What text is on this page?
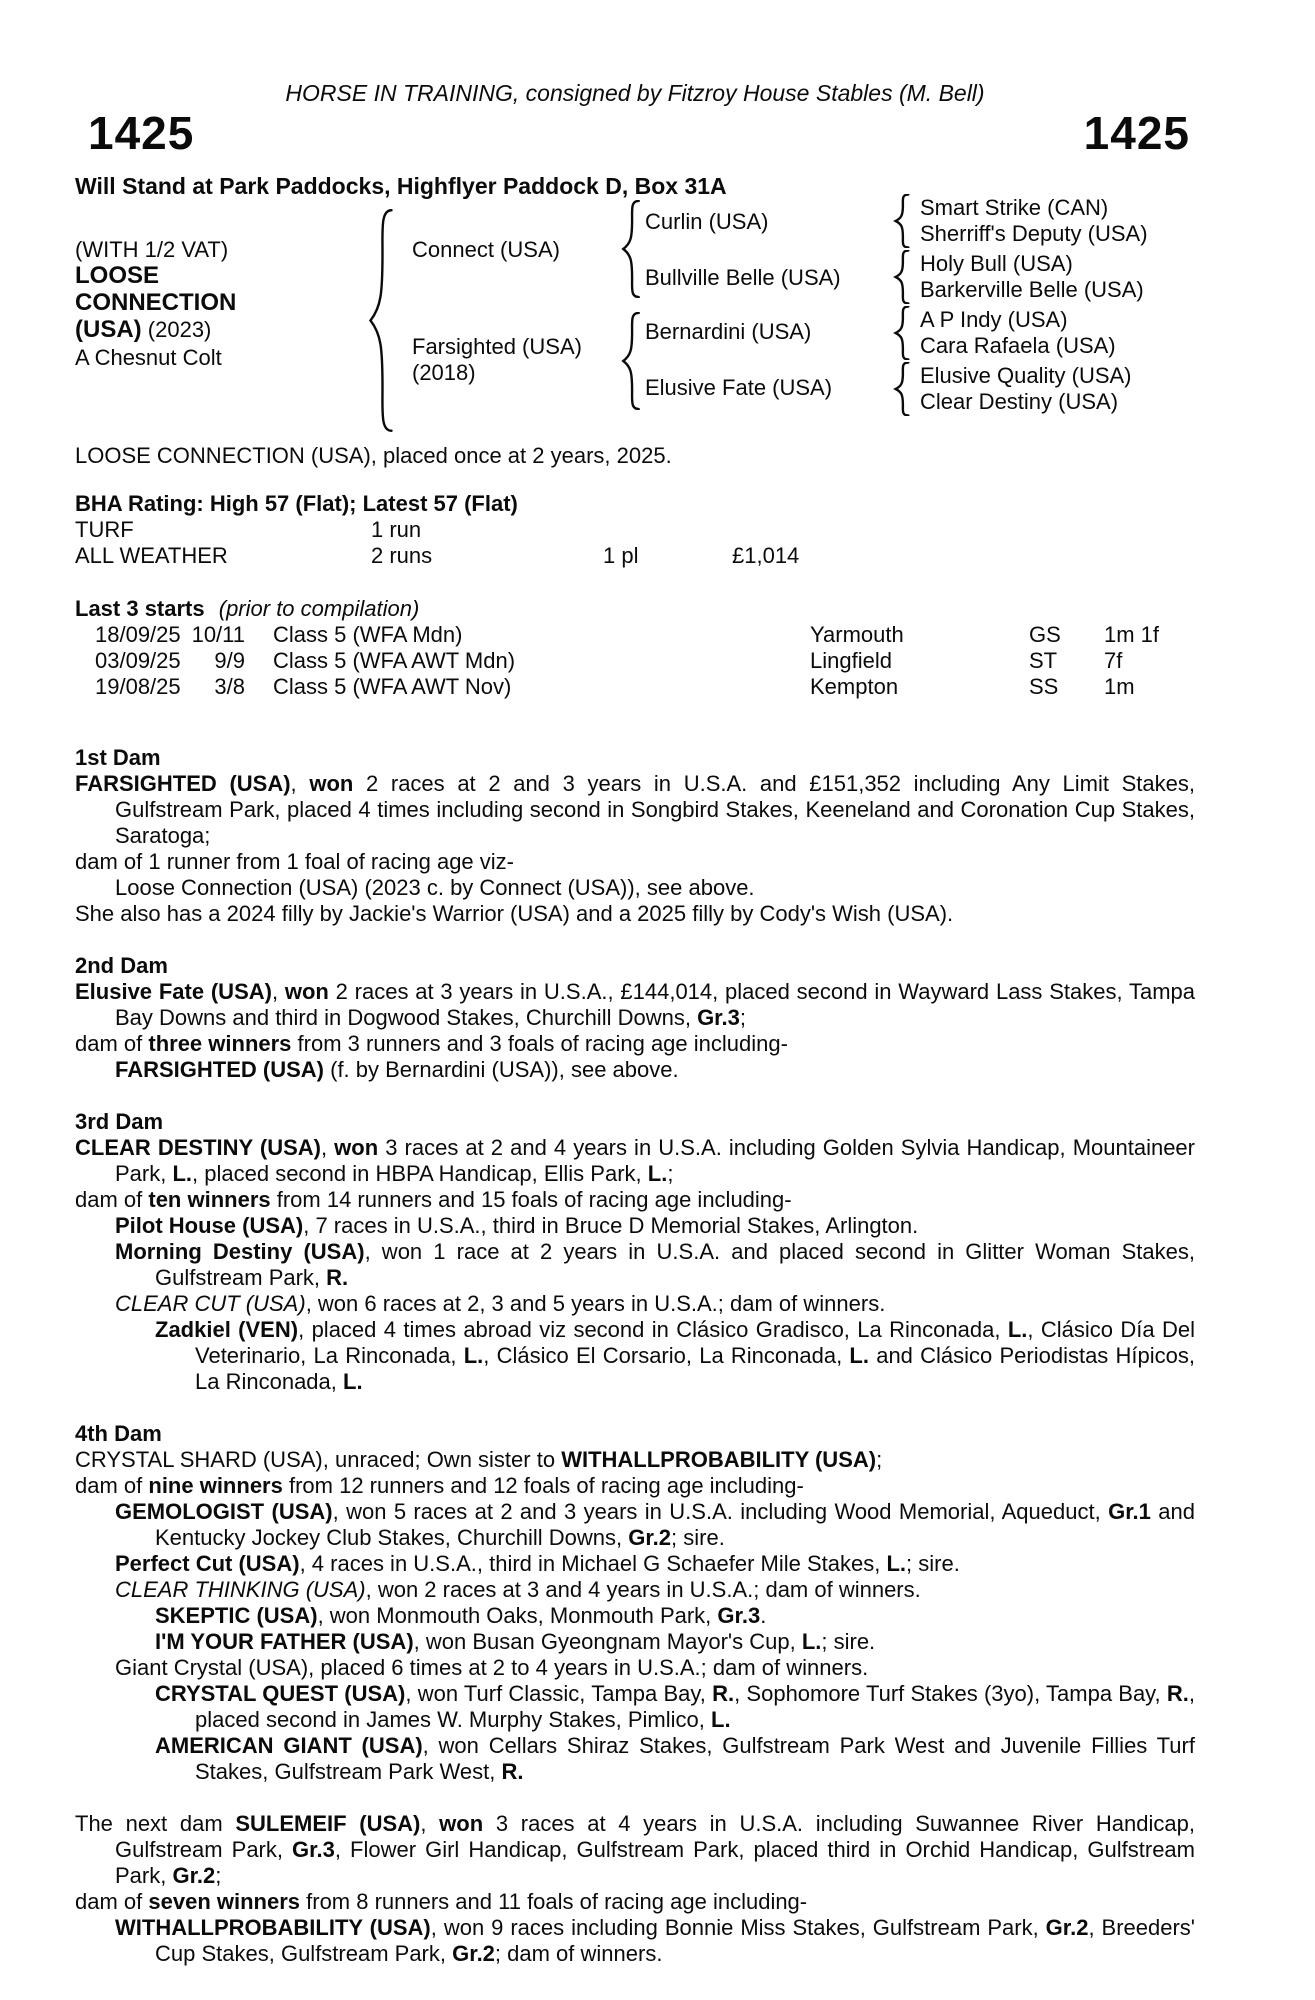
HORSE IN TRAINING, consigned by Fitzroy House Stables (M. Bell)
1425	1425
Will Stand at Park Paddocks, Highflyer Paddock D, Box 31A
(WITH 1/2 VAT)
LOOSE
CONNECTION
(USA) (2023)
A Chesnut Colt
Connect (USA)
Farsighted (USA)
(2018)
Curlin (USA)
Bullville Belle (USA)
Bernardini (USA)
Elusive Fate (USA)
Smart Strike (CAN)
Sherriff's Deputy (USA)
Holy Bull (USA)
Barkerville Belle (USA)
A P Indy (USA)
Cara Rafaela (USA)
Elusive Quality (USA)
Clear Destiny (USA)

LOOSE CONNECTION (USA), placed once at 2 years, 2025.

BHA Rating: High 57 (Flat); Latest 57 (Flat)
TURF	1 run
ALL WEATHER	2 runs	1 pl	£1,014
Last 3 starts (prior to compilation)
18/09/25 10/11 Class 5 (WFA Mdn)	Yarmouth	GS 1m 1f
03/09/25	9/9 Class 5 (WFA AWT Mdn)	Lingfield	ST 7f
19/08/25	3/8 Class 5 (WFA AWT Nov)	Kempton	SS 1m
1st Dam

FARSIGHTED (USA), won 2 races at 2 and 3 years in U.S.A. and £151,352 including Any Limit Stakes, Gulfstream Park, placed 4 times including second in Songbird Stakes, Keeneland and Coronation Cup Stakes, Saratoga;

dam of 1 runner from 1 foal of racing age viz-

Loose Connection (USA) (2023 c. by Connect (USA)), see above.

She also has a 2024 filly by Jackie's Warrior (USA) and a 2025 filly by Cody's Wish (USA).

2nd Dam

Elusive Fate (USA), won 2 races at 3 years in U.S.A., £144,014, placed second in Wayward Lass Stakes, Tampa Bay Downs and third in Dogwood Stakes, Churchill Downs, Gr.3;

dam of three winners from 3 runners and 3 foals of racing age including-

FARSIGHTED (USA) (f. by Bernardini (USA)), see above.

3rd Dam

CLEAR DESTINY (USA), won 3 races at 2 and 4 years in U.S.A. including Golden Sylvia Handicap, Mountaineer Park, L., placed second in HBPA Handicap, Ellis Park, L.;

dam of ten winners from 14 runners and 15 foals of racing age including-

Pilot House (USA), 7 races in U.S.A., third in Bruce D Memorial Stakes, Arlington.

Morning Destiny (USA), won 1 race at 2 years in U.S.A. and placed second in Glitter Woman Stakes, Gulfstream Park, R.

CLEAR CUT (USA), won 6 races at 2, 3 and 5 years in U.S.A.; dam of winners.

Zadkiel (VEN), placed 4 times abroad viz second in Clásico Gradisco, La Rinconada, L., Clásico Día Del Veterinario, La Rinconada, L., Clásico El Corsario, La Rinconada, L. and Clásico Periodistas Hípicos, La Rinconada, L.

4th Dam

CRYSTAL SHARD (USA), unraced; Own sister to WITHALLPROBABILITY (USA);

dam of nine winners from 12 runners and 12 foals of racing age including-

GEMOLOGIST (USA), won 5 races at 2 and 3 years in U.S.A. including Wood Memorial, Aqueduct, Gr.1 and Kentucky Jockey Club Stakes, Churchill Downs, Gr.2; sire.

Perfect Cut (USA), 4 races in U.S.A., third in Michael G Schaefer Mile Stakes, L.; sire.

CLEAR THINKING (USA), won 2 races at 3 and 4 years in U.S.A.; dam of winners.

SKEPTIC (USA), won Monmouth Oaks, Monmouth Park, Gr.3.

I'M YOUR FATHER (USA), won Busan Gyeongnam Mayor's Cup, L.; sire.

Giant Crystal (USA), placed 6 times at 2 to 4 years in U.S.A.; dam of winners.

CRYSTAL QUEST (USA), won Turf Classic, Tampa Bay, R., Sophomore Turf Stakes (3yo), Tampa Bay, R., placed second in James W. Murphy Stakes, Pimlico, L.

AMERICAN GIANT (USA), won Cellars Shiraz Stakes, Gulfstream Park West and Juvenile Fillies Turf Stakes, Gulfstream Park West, R.

The next dam SULEMEIF (USA), won 3 races at 4 years in U.S.A. including Suwannee River Handicap, Gulfstream Park, Gr.3, Flower Girl Handicap, Gulfstream Park, placed third in Orchid Handicap, Gulfstream Park, Gr.2;

dam of seven winners from 8 runners and 11 foals of racing age including-

WITHALLPROBABILITY (USA), won 9 races including Bonnie Miss Stakes, Gulfstream Park, Gr.2, Breeders' Cup Stakes, Gulfstream Park, Gr.2; dam of winners.
